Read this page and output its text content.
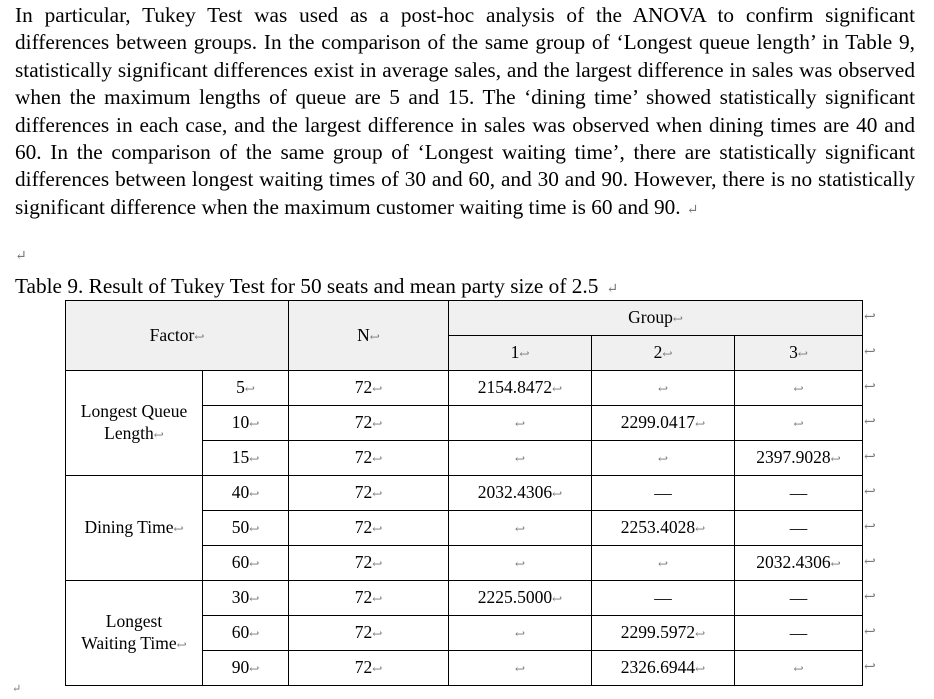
In particular, Tukey Test was used as a post-hoc analysis of the ANOVA to confirm significant differences between groups. In the comparison of the same group of ‘Longest queue length’ in Table 9, statistically significant differences exist in average sales, and the largest difference in sales was observed when the maximum lengths of queue are 5 and 15. The ‘dining time’ showed statistically significant differences in each case, and the largest difference in sales was observed when dining times are 40 and 60. In the comparison of the same group of ‘Longest waiting time’, there are statistically significant differences between longest waiting times of 30 and 60, and 30 and 90. However, there is no statistically significant difference when the maximum customer waiting time is 60 and 90. ↵
↵
Table 9. Result of Tukey Test for 50 seats and mean party size of 2.5 ↵
Factor↩		N↩	Group↩		
			1↩	2↩	3↩
Longest Queue
Length↩	5↩	72↩	2154.8472↩	↩	↩
	10↩	72↩	↩	2299.0417↩	↩
	15↩	72↩	↩	↩	2397.9028↩
Dining Time↩	40↩	72↩	2032.4306↩	—	—
	50↩	72↩	↩	2253.4028↩	—
	60↩	72↩	↩	↩	2032.4306↩
Longest
Waiting Time↩	30↩	72↩	2225.5000↩	—	—
	60↩	72↩	↩	2299.5972↩	—
	90↩	72↩	↩	2326.6944↩	↩
↩
↩
↩
↩
↩
↩
↩
↩
↩
↩
↩
↵
